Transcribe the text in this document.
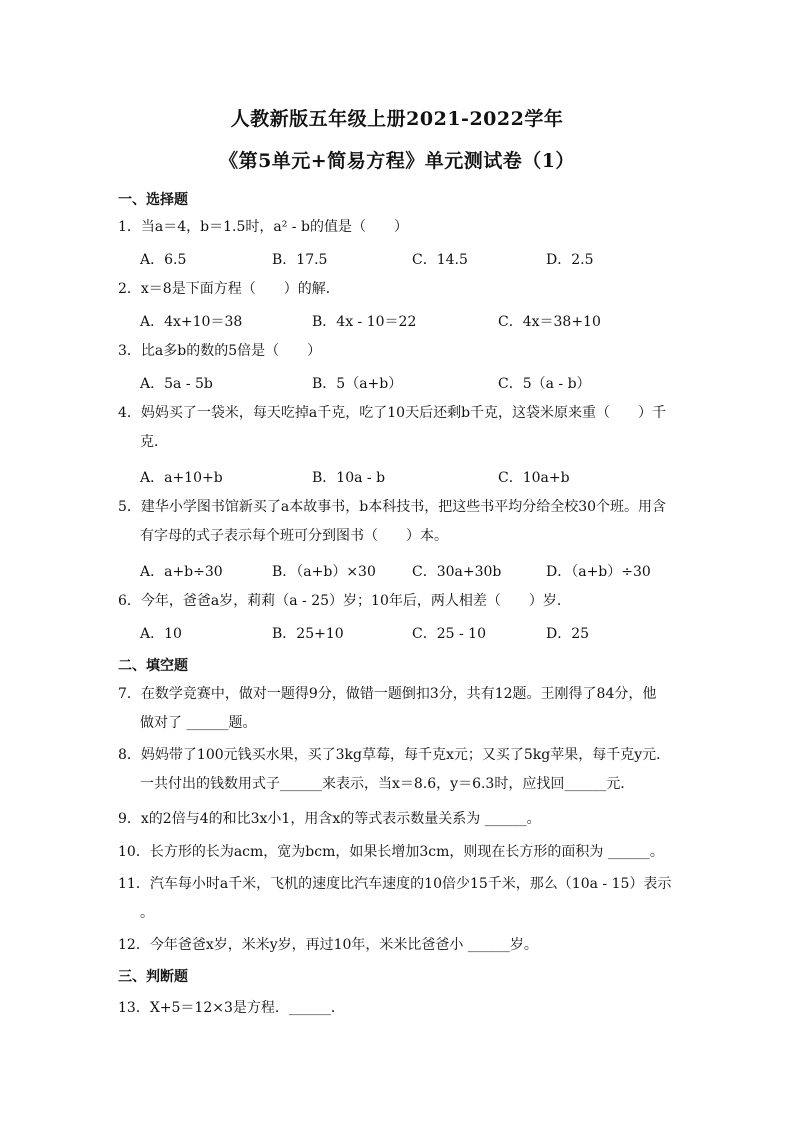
人教新版五年级上册2021-2022学年
《第5单元+简易方程》单元测试卷（1）
一、选择题
1．当a＝4，b＝1.5时，a² - b的值是（　　）
A．6.5	B．17.5	C．14.5	D．2.5
2．x＝8是下面方程（　　）的解．
A．4x+10＝38	B．4x - 10＝22	C．4x＝38+10
3．比a多b的数的5倍是（　　）
A．5a - 5b	B．5（a+b）	C．5（a - b）
4．妈妈买了一袋米，每天吃掉a千克，吃了10天后还剩b千克，这袋米原来重（　　）千
克．
A．a+10+b	B．10a - b	C．10a+b
5．建华小学图书馆新买了a本故事书，b本科技书，把这些书平均分给全校30个班。用含
有字母的式子表示每个班可分到图书（　　）本。
A．a+b÷30	B．（a+b）×30	C．30a+30b	D．（a+b）÷30
6．今年，爸爸a岁，莉莉（a - 25）岁；10年后，两人相差（　　）岁．
A．10	B．25+10	C．25 - 10	D．25
二、填空题
7．在数学竞赛中，做对一题得9分，做错一题倒扣3分，共有12题。王刚得了84分，他
做对了 ______题。
8．妈妈带了100元钱买水果，买了3kg草莓，每千克x元；又买了5kg苹果，每千克y元．
一共付出的钱数用式子______来表示，当x＝8.6，y＝6.3时，应找回______元．
9．x的2倍与4的和比3x小1，用含x的等式表示数量关系为 ______。
10．长方形的长为acm，宽为bcm，如果长增加3cm，则现在长方形的面积为 ______。
11．汽车每小时a千米，飞机的速度比汽车速度的10倍少15千米，那么（10a - 15）表示
。
12．今年爸爸x岁，米米y岁，再过10年，米米比爸爸小 ______岁。
三、判断题
13．X+5＝12×3是方程．______．
